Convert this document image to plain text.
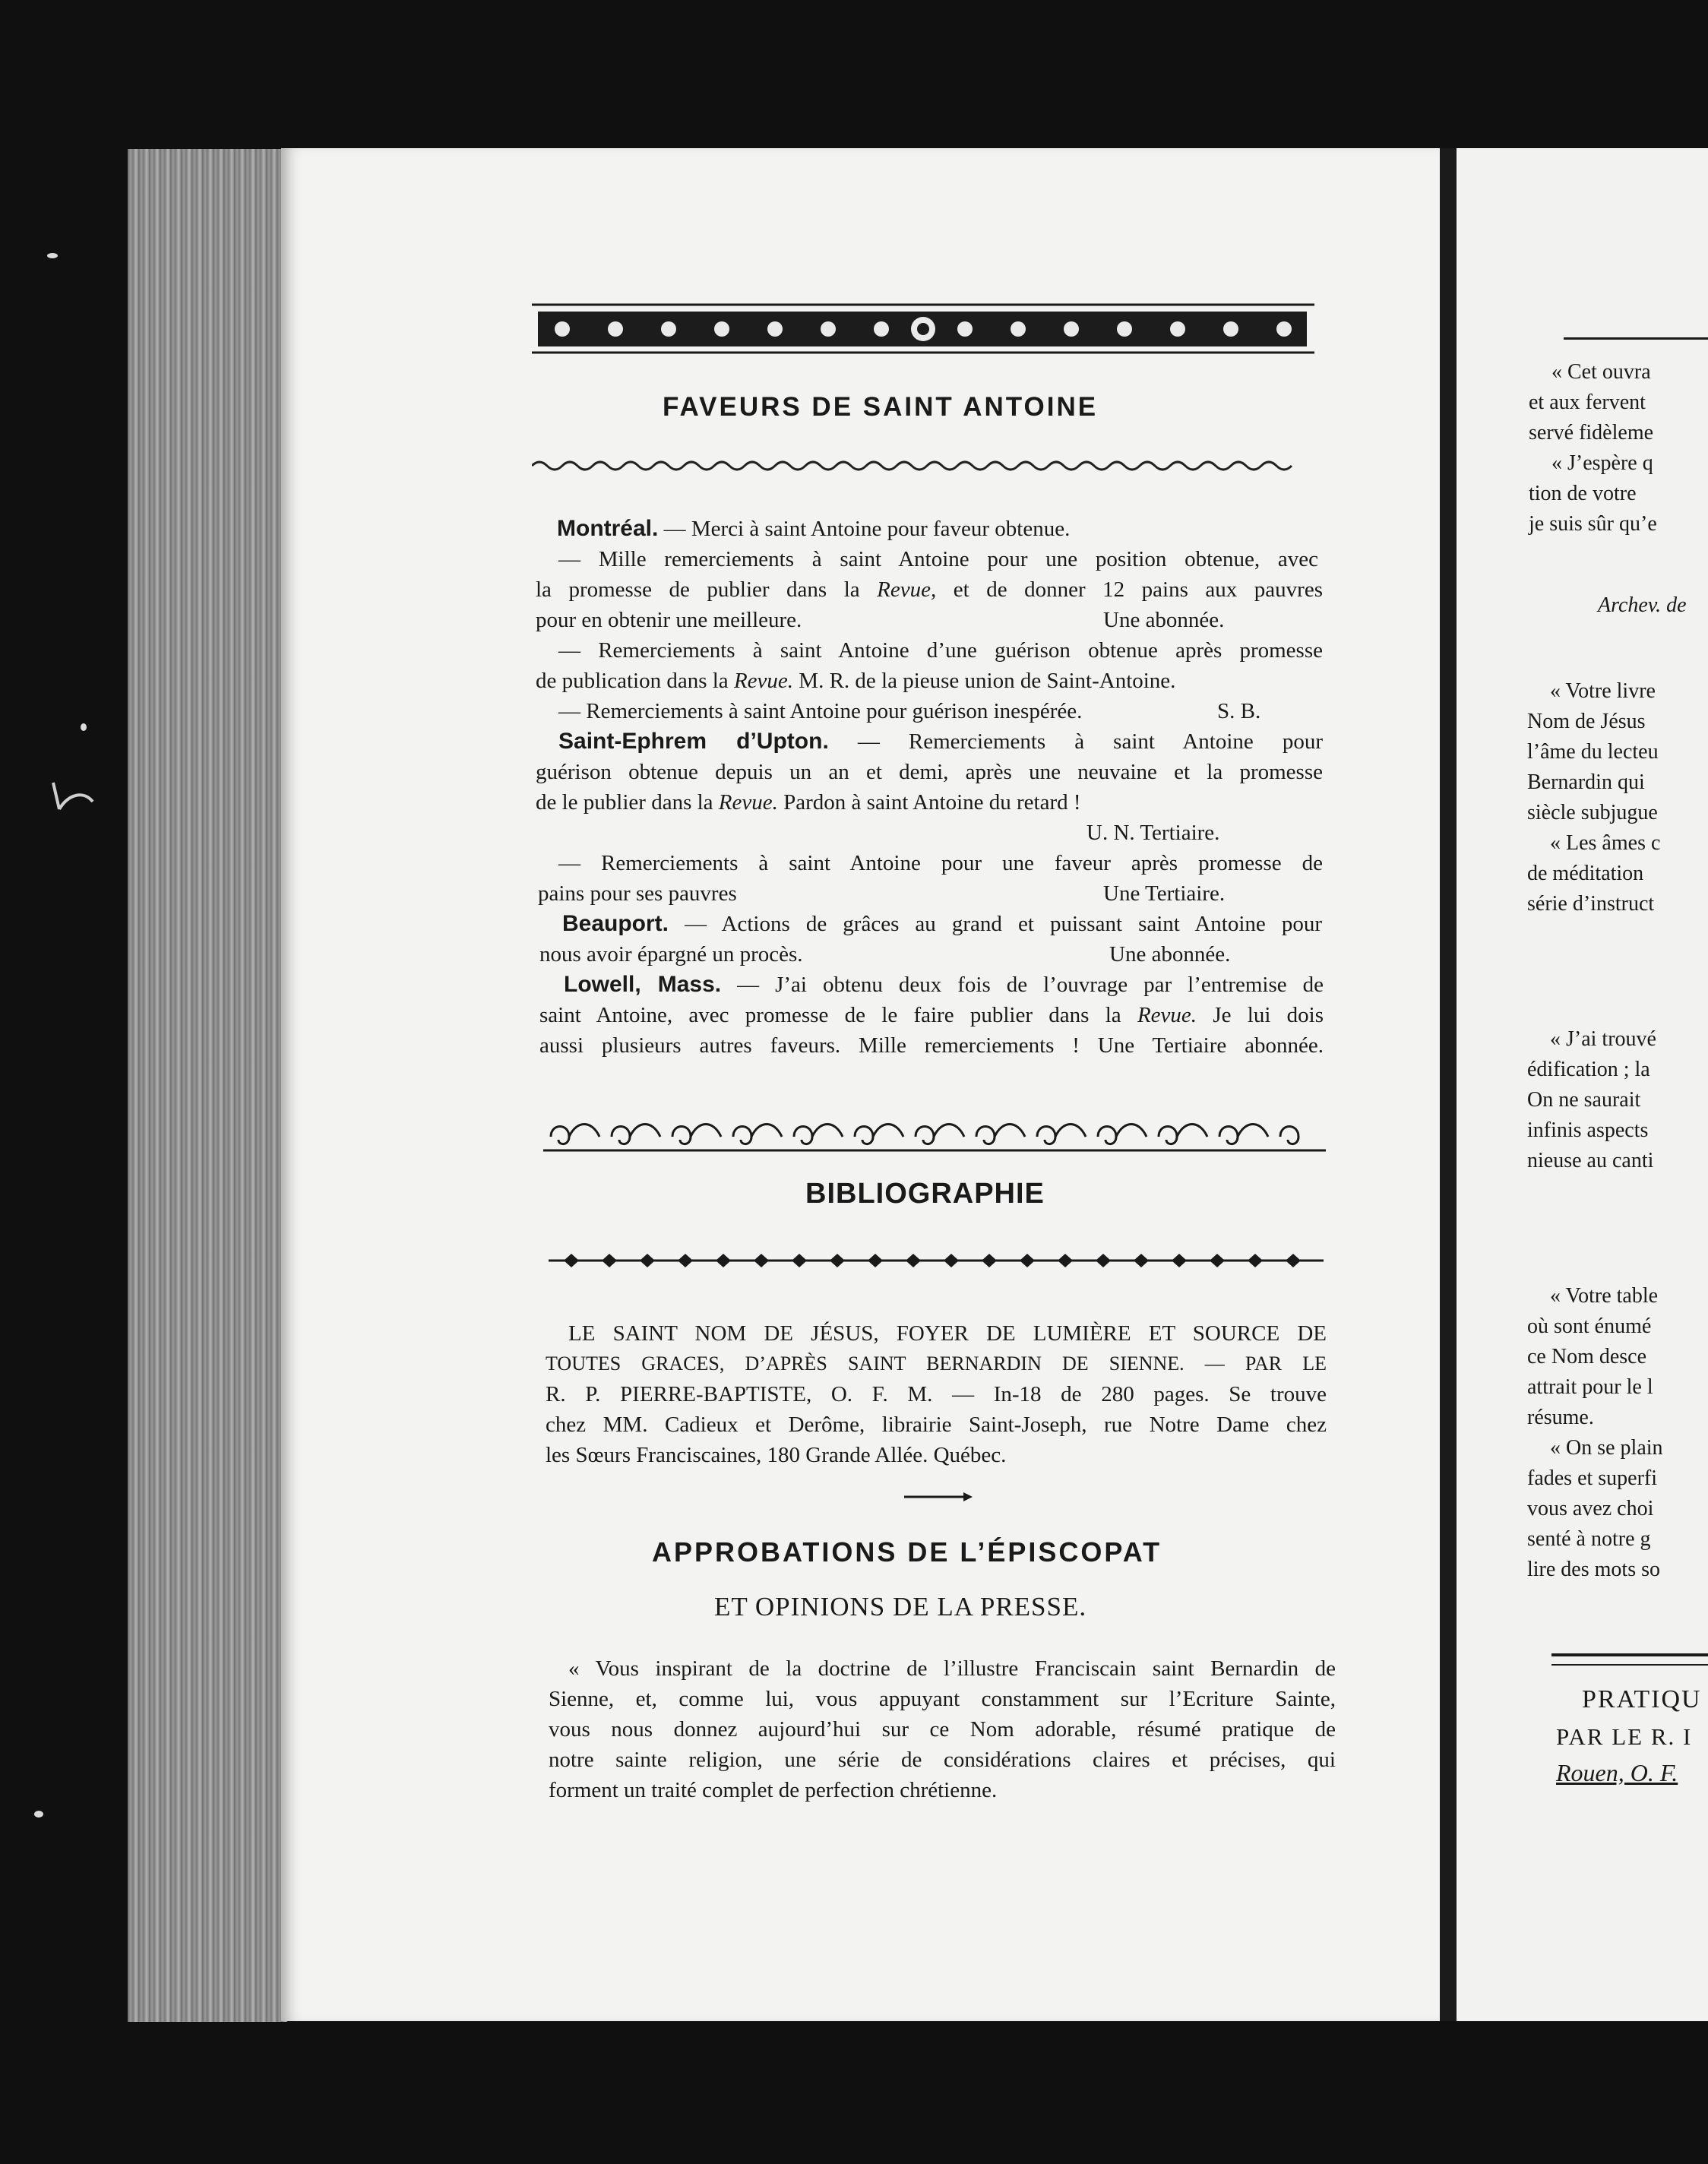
FAVEURS DE SAINT ANTOINE
Montréal. — Merci à saint Antoine pour faveur obtenue.
— Mille remerciements à saint Antoine pour une position obtenue, avec
la promesse de publier dans la Revue, et de donner 12 pains aux pauvres
pour en obtenir une meilleure.	Une abonnée.
— Remerciements à saint Antoine d’une guérison obtenue après promesse
de publication dans la Revue. M. R. de la pieuse union de Saint-Antoine.
— Remerciements à saint Antoine pour guérison inespérée.	S. B.
Saint-Ephrem d’Upton. — Remerciements à saint Antoine pour
guérison obtenue depuis un an et demi, après une neuvaine et la promesse
de le publier dans la Revue. Pardon à saint Antoine du retard !
U. N. Tertiaire.
— Remerciements à saint Antoine pour une faveur après promesse de
pains pour ses pauvres	Une Tertiaire.
Beauport. — Actions de grâces au grand et puissant saint Antoine pour
nous avoir épargné un procès.	Une abonnée.
Lowell, Mass. — J’ai obtenu deux fois de l’ouvrage par l’entremise de
saint Antoine, avec promesse de le faire publier dans la Revue. Je lui dois
aussi plusieurs autres faveurs. Mille remerciements ! Une Tertiaire abonnée.
BIBLIOGRAPHIE
LE SAINT NOM DE JÉSUS, FOYER DE LUMIÈRE ET SOURCE DE
TOUTES GRACES, D’APRÈS SAINT BERNARDIN DE SIENNE. — PAR LE
R. P. PIERRE-BAPTISTE, O. F. M. — In-18 de 280 pages. Se trouve
chez MM. Cadieux et Derôme, librairie Saint-Joseph, rue Notre Dame chez
les Sœurs Franciscaines, 180 Grande Allée. Québec.
APPROBATIONS DE L’ÉPISCOPAT
ET OPINIONS DE LA PRESSE.
« Vous inspirant de la doctrine de l’illustre Franciscain saint Bernardin de
Sienne, et, comme lui, vous appuyant constamment sur l’Ecriture Sainte,
vous nous donnez aujourd’hui sur ce Nom adorable, résumé pratique de
notre sainte religion, une série de considérations claires et précises, qui
forment un traité complet de perfection chrétienne.
« Cet ouvra
et aux fervent
servé fidèleme
« J’espère q
tion de votre
je suis sûr qu’e
Archev. de
« Votre livre
Nom de Jésus
l’âme du lecteu
Bernardin qui
siècle subjugue
« Les âmes c
de méditation
série d’instruct
« J’ai trouvé
édification ; la
On ne saurait
infinis aspects
nieuse au canti
« Votre table
où sont énumé
ce Nom desce
attrait pour le l
résume.
« On se plain
fades et superfi
vous avez choi
senté à notre g
lire des mots so
PRATIQU
PAR LE R. I
Rouen, O. F.
